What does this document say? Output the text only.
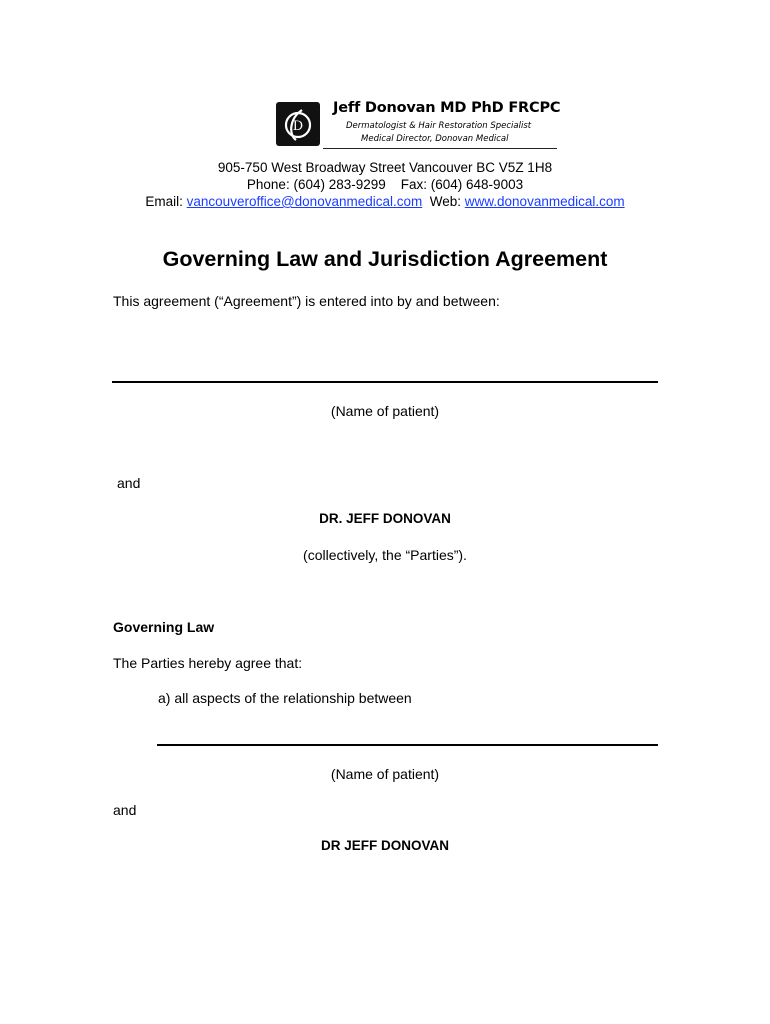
D
Jeff Donovan MD PhD FRCPC
Dermatologist & Hair Restoration Specialist
Medical Director, Donovan Medical
905-750 West Broadway Street Vancouver BC V5Z 1H8
Phone: (604) 283-9299    Fax: (604) 648-9003
Email: vancouveroffice@donovanmedical.com  Web: www.donovanmedical.com
Governing Law and Jurisdiction Agreement
This agreement (“Agreement”) is entered into by and between:
(Name of patient)
and
DR. JEFF DONOVAN
(collectively, the “Parties”).
Governing Law
The Parties hereby agree that:
a) all aspects of the relationship between
(Name of patient)
and
DR JEFF DONOVAN
